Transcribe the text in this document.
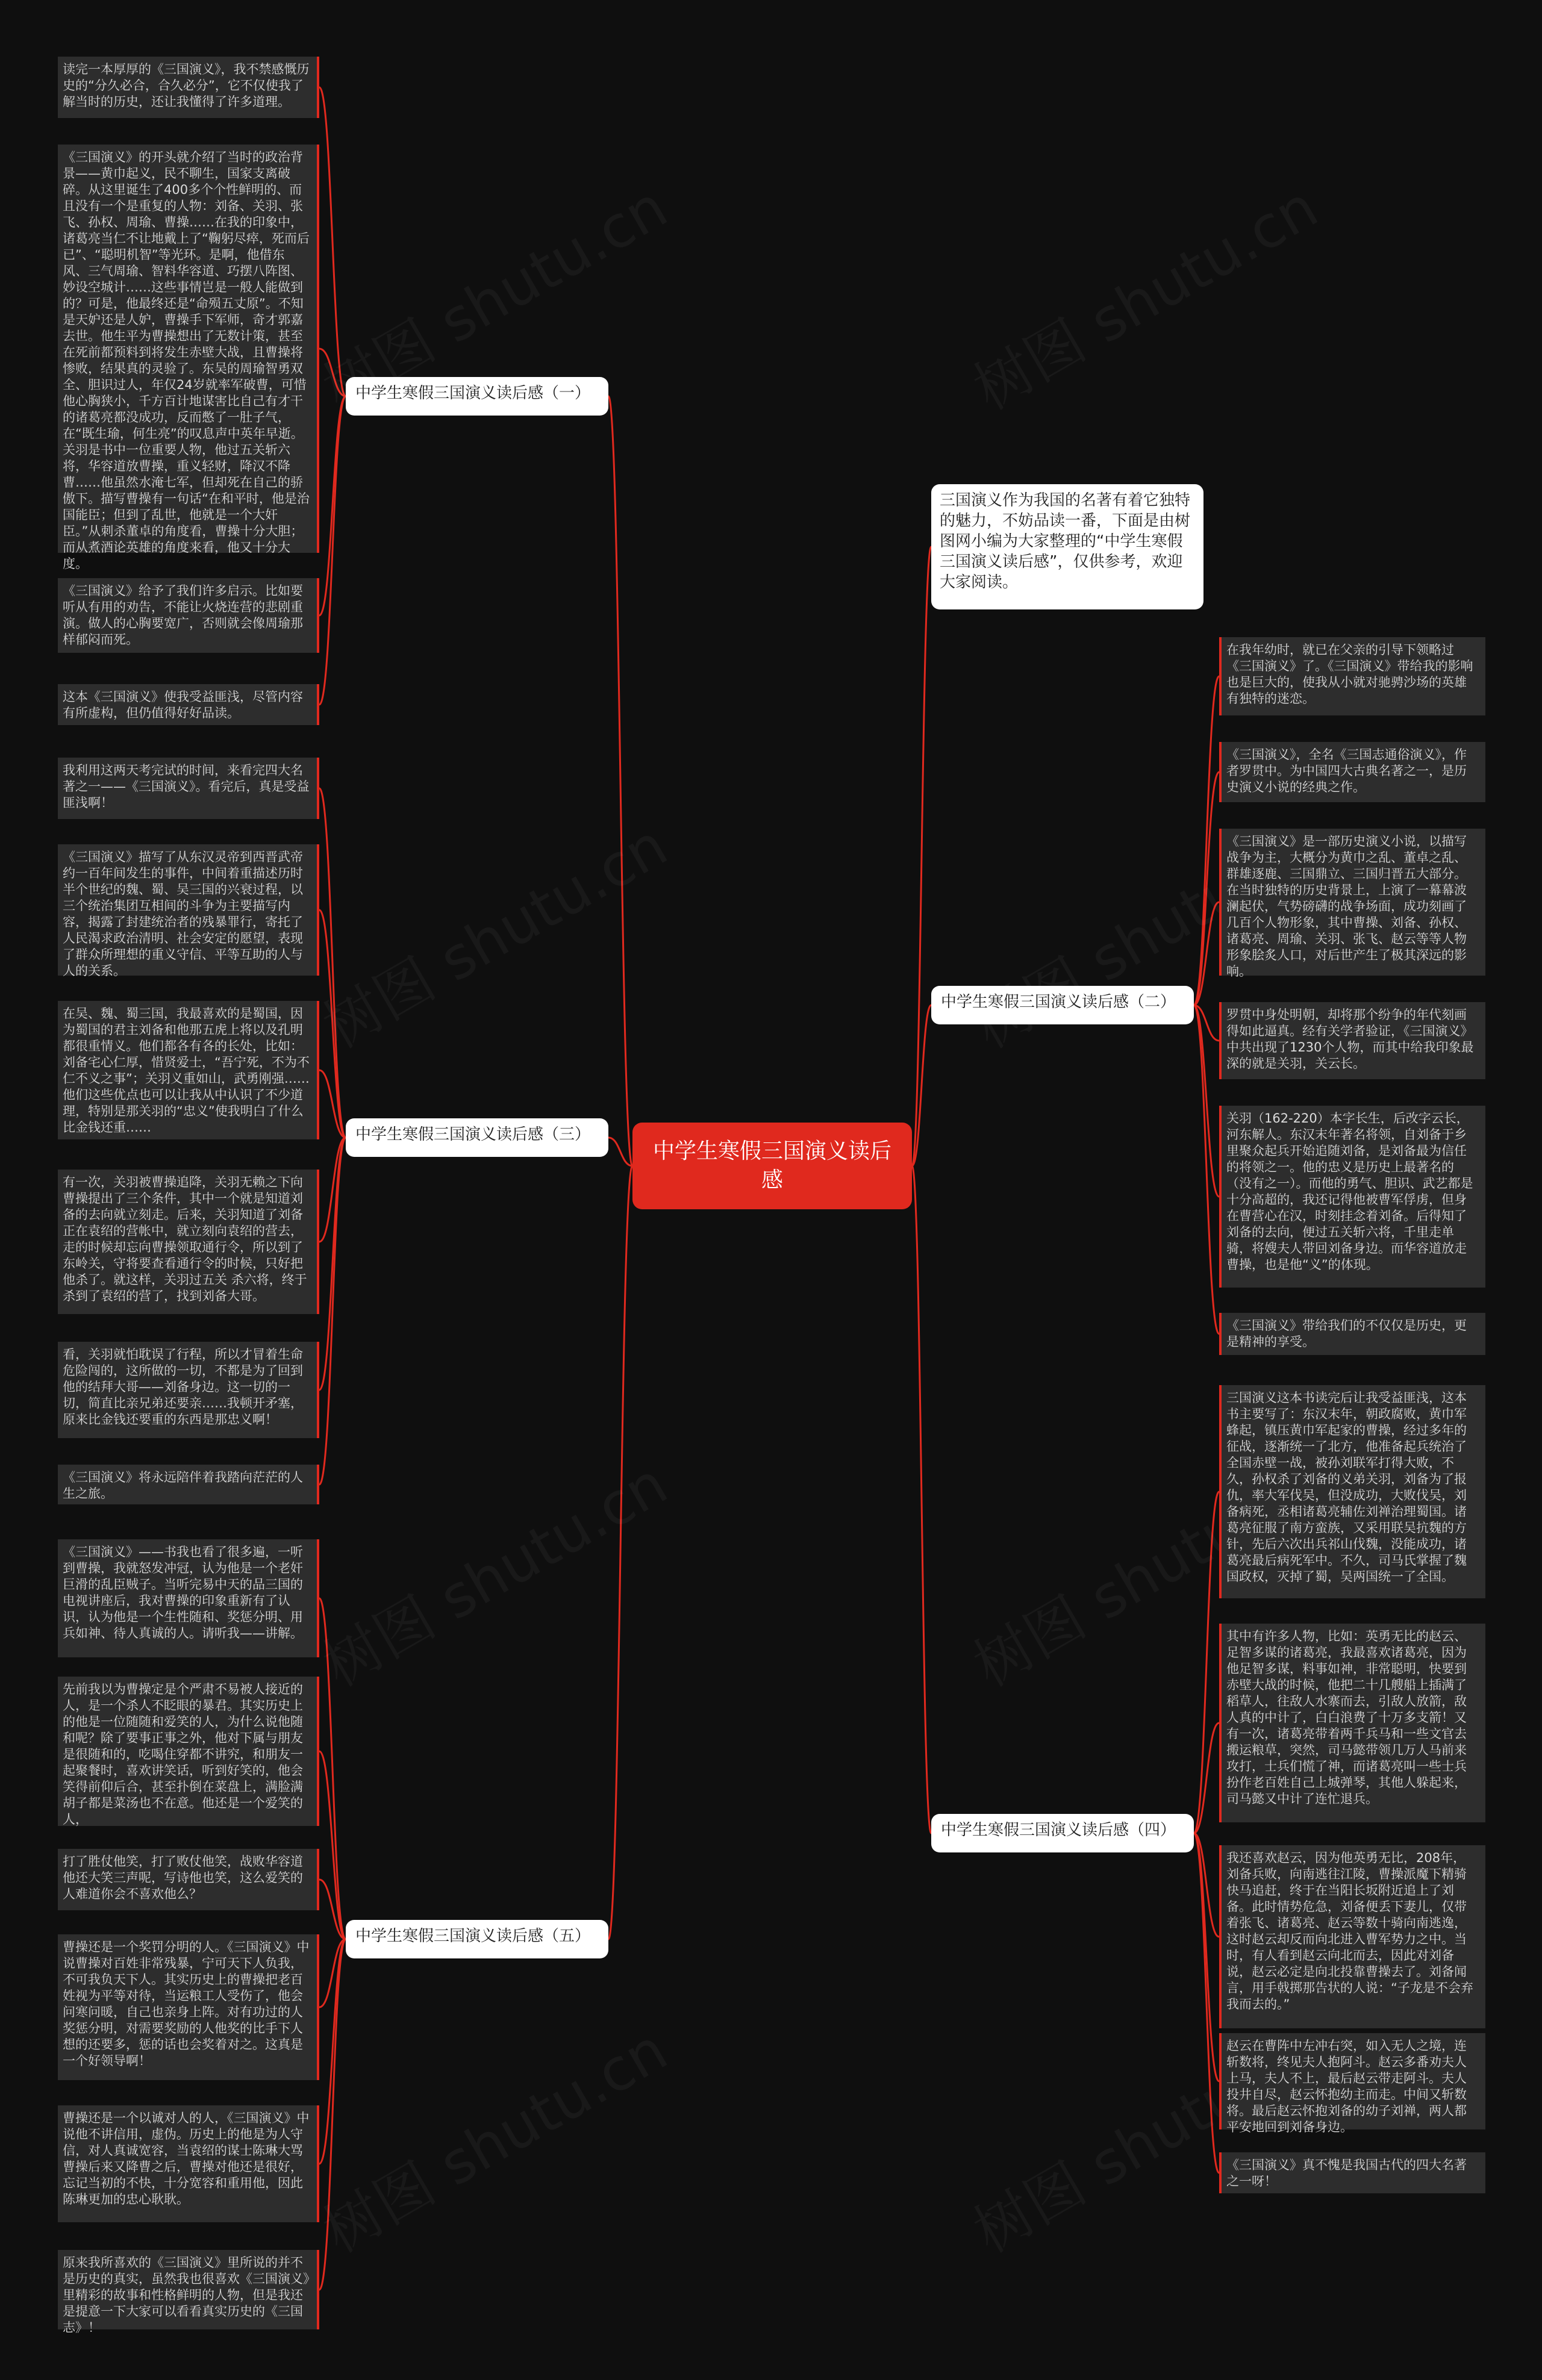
中学生寒假三国演义读后感
三国演义作为我国的名著有着它独特的魅力，不妨品读一番，下面是由树图网小编为大家整理的“中学生寒假三国演义读后感”，仅供参考，欢迎大家阅读。
中学生寒假三国演义读后感（一）
中学生寒假三国演义读后感（三）
中学生寒假三国演义读后感（五）
中学生寒假三国演义读后感（二）
中学生寒假三国演义读后感（四）
读完一本厚厚的《三国演义》，我不禁感慨历史的“分久必合，合久必分”，它不仅使我了解当时的历史，还让我懂得了许多道理。
《三国演义》的开头就介绍了当时的政治背景——黄巾起义，民不聊生，国家支离破碎。从这里诞生了400多个个性鲜明的、而且没有一个是重复的人物：刘备、关羽、张飞、孙权、周瑜、曹操……在我的印象中，诸葛亮当仁不让地戴上了“鞠躬尽瘁，死而后已”、“聪明机智”等光环。是啊，他借东风、三气周瑜、智料华容道、巧摆八阵图、妙设空城计……这些事情岂是一般人能做到的？可是，他最终还是“命殒五丈原”。不知是天妒还是人妒，曹操手下军师，奇才郭嘉去世。他生平为曹操想出了无数计策，甚至在死前都预料到将发生赤壁大战，且曹操将惨败，结果真的灵验了。东吴的周瑜智勇双全、胆识过人，年仅24岁就率军破曹，可惜他心胸狭小，千方百计地谋害比自己有才干的诸葛亮都没成功，反而憋了一肚子气，在“既生瑜，何生亮”的叹息声中英年早逝。关羽是书中一位重要人物，他过五关斩六将，华容道放曹操，重义轻财，降汉不降曹……他虽然水淹七军，但却死在自己的骄傲下。描写曹操有一句话“在和平时，他是治国能臣；但到了乱世，他就是一个大奸臣。”从刺杀董卓的角度看，曹操十分大胆；而从煮酒论英雄的角度来看，他又十分大度。
《三国演义》给予了我们许多启示。比如要听从有用的劝告，不能让火烧连营的悲剧重演。做人的心胸要宽广，否则就会像周瑜那样郁闷而死。
这本《三国演义》使我受益匪浅，尽管内容有所虚构，但仍值得好好品读。
我利用这两天考完试的时间，来看完四大名著之一——《三国演义》。看完后，真是受益匪浅啊！
《三国演义》描写了从东汉灵帝到西晋武帝约一百年间发生的事件，中间着重描述历时半个世纪的魏、蜀、吴三国的兴衰过程，以三个统治集团互相间的斗争为主要描写内容，揭露了封建统治者的残暴罪行，寄托了人民渴求政治清明、社会安定的愿望，表现了群众所理想的重义守信、平等互助的人与人的关系。
在吴、魏、蜀三国，我最喜欢的是蜀国，因为蜀国的君主刘备和他那五虎上将以及孔明都很重情义。他们都各有各的长处，比如：刘备宅心仁厚，惜贤爱士，“吾宁死，不为不仁不义之事”；关羽义重如山，武勇刚强……他们这些优点也可以让我从中认识了不少道理，特别是那关羽的“忠义”使我明白了什么比金钱还重……
有一次，关羽被曹操追降，关羽无赖之下向曹操提出了三个条件，其中一个就是知道刘备的去向就立刻走。后来，关羽知道了刘备正在袁绍的营帐中，就立刻向袁绍的营去，走的时候却忘向曹操领取通行令，所以到了东岭关，守将要查看通行令的时候，只好把他杀了。就这样，关羽过五关 杀六将，终于杀到了袁绍的营了，找到刘备大哥。
看，关羽就怕耽误了行程，所以才冒着生命危险闯的，这所做的一切，不都是为了回到他的结拜大哥——刘备身边。这一切的一切，简直比亲兄弟还要亲……我顿开矛塞，原来比金钱还要重的东西是那忠义啊！
《三国演义》将永远陪伴着我踏向茫茫的人生之旅。
《三国演义》——书我也看了很多遍，一听到曹操，我就怒发冲冠，认为他是一个老奸巨滑的乱臣贼子。当听完易中天的品三国的电视讲座后，我对曹操的印象重新有了认识，认为他是一个生性随和、奖惩分明、用兵如神、待人真诚的人。请听我——讲解。
先前我以为曹操定是个严肃不易被人接近的人，是一个杀人不眨眼的暴君。其实历史上的他是一位随随和爱笑的人，为什么说他随和呢？除了要事正事之外，他对下属与朋友是很随和的，吃喝住穿都不讲究，和朋友一起聚餐时，喜欢讲笑话，听到好笑的，他会笑得前仰后合，甚至扑倒在菜盘上，满脸满胡子都是菜汤也不在意。他还是一个爱笑的人，
打了胜仗他笑，打了败仗他笑，战败华容道他还大笑三声呢，写诗他也笑，这么爱笑的人难道你会不喜欢他么？
曹操还是一个奖罚分明的人。《三国演义》中说曹操对百姓非常残暴，宁可天下人负我，不可我负天下人。其实历史上的曹操把老百姓视为平等对待，当运粮工人受伤了，他会问寒问暖，自己也亲身上阵。对有功过的人奖惩分明，对需要奖励的人他奖的比手下人想的还要多，惩的话也会奖着对之。这真是一个好领导啊！
曹操还是一个以诚对人的人，《三国演义》中说他不讲信用，虚伪。历史上的他是为人守信，对人真诚宽容，当袁绍的谋士陈琳大骂曹操后来又降曹之后，曹操对他还是很好，忘记当初的不快，十分宽容和重用他，因此陈琳更加的忠心耿耿。
原来我所喜欢的《三国演义》里所说的并不是历史的真实，虽然我也很喜欢《三国演义》里精彩的故事和性格鲜明的人物，但是我还是提意一下大家可以看看真实历史的《三国志》！
在我年幼时，就已在父亲的引导下领略过《三国演义》了。《三国演义》带给我的影响也是巨大的，使我从小就对驰骋沙场的英雄有独特的迷恋。
《三国演义》，全名《三国志通俗演义》，作者罗贯中。为中国四大古典名著之一，是历史演义小说的经典之作。
《三国演义》是一部历史演义小说，以描写战争为主，大概分为黄巾之乱、董卓之乱、群雄逐鹿、三国鼎立、三国归晋五大部分。在当时独特的历史背景上，上演了一幕幕波澜起伏，气势磅礴的战争场面，成功刻画了几百个人物形象，其中曹操、刘备、孙权、诸葛亮、周瑜、关羽、张飞、赵云等等人物形象脍炙人口，对后世产生了极其深远的影响。
罗贯中身处明朝，却将那个纷争的年代刻画得如此逼真。经有关学者验证，《三国演义》中共出现了1230个人物，而其中给我印象最深的就是关羽，关云长。
关羽（162-220）本字长生，后改字云长，河东解人。东汉末年著名将领，自刘备于乡里聚众起兵开始追随刘备，是刘备最为信任的将领之一。他的忠义是历史上最著名的（没有之一）。而他的勇气、胆识、武艺都是十分高超的，我还记得他被曹军俘虏，但身在曹营心在汉，时刻挂念着刘备。后得知了刘备的去向，便过五关斩六将，千里走单骑，将嫂夫人带回刘备身边。而华容道放走曹操，也是他“义”的体现。
《三国演义》带给我们的不仅仅是历史，更是精神的享受。
三国演义这本书读完后让我受益匪浅，这本书主要写了：东汉末年，朝政腐败，黄巾军蜂起，镇压黄巾军起家的曹操，经过多年的征战，逐渐统一了北方，他准备起兵统治了全国赤壁一战，被孙刘联军打得大败，不久，孙权杀了刘备的义弟关羽，刘备为了报仇，率大军伐吴，但没成功，大败伐吴，刘备病死，丞相诸葛亮辅佐刘禅治理蜀国。诸葛亮征服了南方蛮族，又采用联吴抗魏的方针，先后六次出兵祁山伐魏，没能成功，诸葛亮最后病死军中。不久，司马氏掌握了魏国政权，灭掉了蜀，吴两国统一了全国。
其中有许多人物，比如：英勇无比的赵云、足智多谋的诸葛亮，我最喜欢诸葛亮，因为他足智多谋，料事如神，非常聪明，快要到赤壁大战的时候，他把二十几艘船上插满了稻草人，往敌人水寨而去，引敌人放箭，敌人真的中计了，白白浪费了十万多支箭！又有一次，诸葛亮带着两千兵马和一些文官去搬运粮草，突然，司马懿带领几万人马前来攻打，士兵们慌了神，而诸葛亮叫一些士兵扮作老百姓自己上城弹琴，其他人躲起来，司马懿又中计了连忙退兵。
我还喜欢赵云，因为他英勇无比，208年，刘备兵败，向南逃往江陵，曹操派魔下精骑快马追赶，终于在当阳长坂附近追上了刘备。此时情势危急，刘备便丢下妻儿，仅带着张飞、诸葛亮、赵云等数十骑向南逃逸，这时赵云却反而向北进入曹军势力之中。当时，有人看到赵云向北而去，因此对刘备说，赵云必定是向北投靠曹操去了。刘备闻言，用手戟掷那告状的人说：“子龙是不会弃我而去的。”
赵云在曹阵中左冲右突，如入无人之境，连斩数将，终见夫人抱阿斗。赵云多番劝夫人上马，夫人不上，最后赵云带走阿斗。夫人投井自尽，赵云怀抱幼主而走。中间又斩数将。最后赵云怀抱刘备的幼子刘禅，两人都平安地回到刘备身边。
《三国演义》真不愧是我国古代的四大名著之一呀！
